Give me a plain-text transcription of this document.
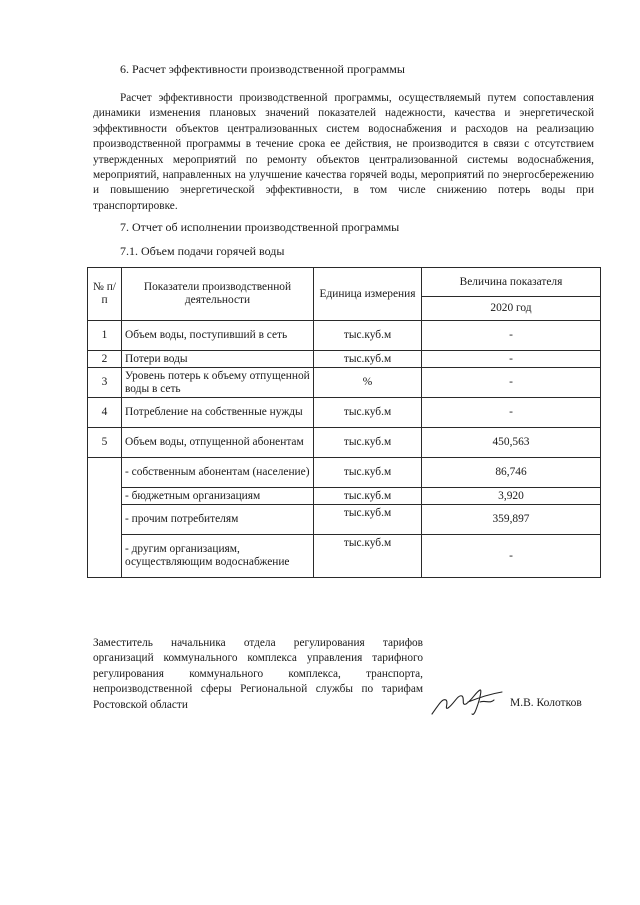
6. Расчет эффективности производственной программы

Расчет эффективности производственной программы, осуществляемый путем сопоставления динамики изменения плановых значений показателей надежности, качества и энергетической эффективности объектов централизованных систем водоснабжения и расходов на реализацию производственной программы в течение срока ее действия, не производится в связи с отсутствием утвержденных мероприятий по ремонту объектов централизованной системы водоснабжения, мероприятий, направленных на улучшение качества горячей воды, мероприятий по энергосбережению и повышению энергетической эффективности, в том числе снижению потерь воды при транспортировке.

7. Отчет об исполнении производственной программы
7.1. Объем подачи горячей воды
№ п/п	Показатели производственной деятельности	Единица измерения	Величина показателя
			2020 год
1	Объем воды, поступивший в сеть	тыс.куб.м	-
2	Потери воды	тыс.куб.м	-
3	Уровень потерь к объему отпущенной воды в сеть	%	-
4	Потребление на собственные нужды	тыс.куб.м	-
5	Объем воды, отпущенной абонентам	тыс.куб.м	450,563
	- собственным абонентам (население)	тыс.куб.м	86,746
	- бюджетным организациям	тыс.куб.м	3,920
	- прочим потребителям	тыс.куб.м	359,897
	- другим организациям, осуществляющим водоснабжение	тыс.куб.м	-

Заместитель начальника отдела регулирования тарифов организаций коммунального комплекса управления тарифного регулирования коммунального комплекса, транспорта, непроизводственной сферы Региональной службы по тарифам Ростовской области	М.В. Колотков
